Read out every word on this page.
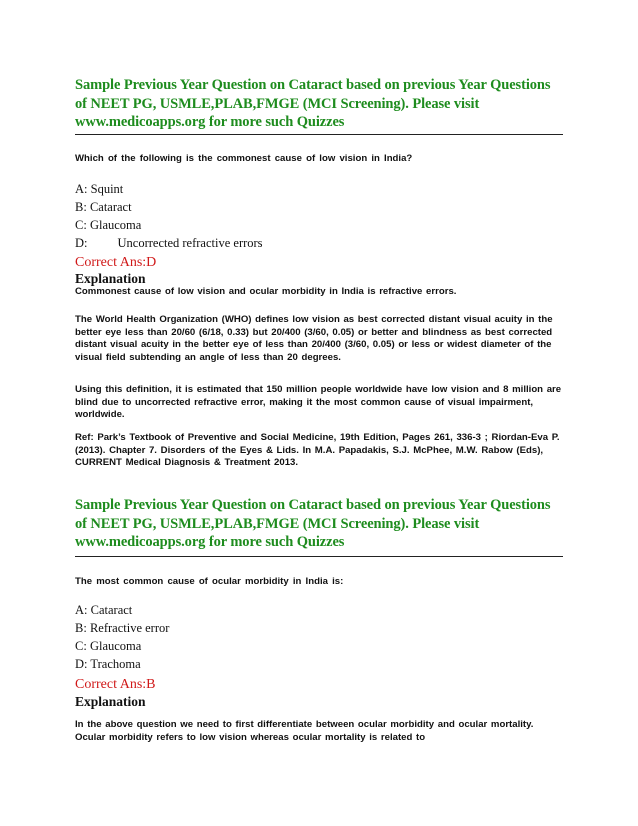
Sample Previous Year Question on Cataract based on previous Year Questions of NEET PG, USMLE,PLAB,FMGE (MCI Screening). Please visit www.medicoapps.org for more such Quizzes
Which of the following is the commonest cause of low vision in India?
A: Squint
B: Cataract
C: Glaucoma
D: Uncorrected refractive errors
Correct Ans:D
Explanation

Commonest cause of low vision and ocular morbidity in India is refractive errors.

The World Health Organization (WHO) defines low vision as best corrected distant visual acuity in the better eye less than 20/60 (6/18, 0.33) but 20/400 (3/60, 0.05) or better and blindness as best corrected distant visual acuity in the better eye of less than 20/400 (3/60, 0.05) or less or widest diameter of the visual field subtending an angle of less than 20 degrees.

Using this definition, it is estimated that 150 million people worldwide have low vision and 8 million are blind due to uncorrected refractive error, making it the most common cause of visual impairment, worldwide.

Ref: Park’s Textbook of Preventive and Social Medicine, 19th Edition, Pages 261, 336-3 ; Riordan-Eva P. (2013). Chapter 7. Disorders of the Eyes & Lids. In M.A. Papadakis, S.J. McPhee, M.W. Rabow (Eds), CURRENT Medical Diagnosis & Treatment 2013.

Sample Previous Year Question on Cataract based on previous Year Questions of NEET PG, USMLE,PLAB,FMGE (MCI Screening). Please visit www.medicoapps.org for more such Quizzes
The most common cause of ocular morbidity in India is:
A: Cataract
B: Refractive error
C: Glaucoma
D: Trachoma
Correct Ans:B
Explanation

In the above question we need to first differentiate between ocular morbidity and ocular mortality. Ocular morbidity refers to low vision whereas ocular mortality is related to
